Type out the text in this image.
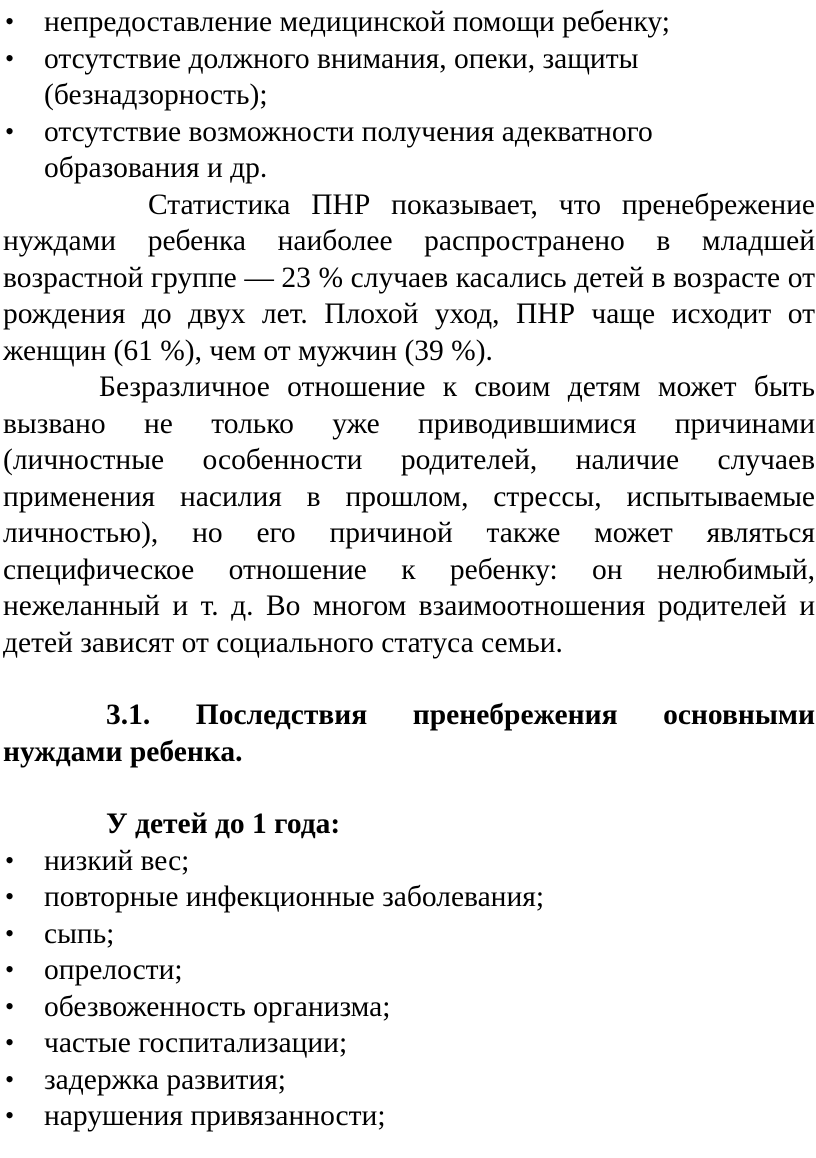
• непредоставление медицинской помощи ребенку;
• отсутствие должного внимания, опеки, защиты (безнадзорность);
• отсутствие возможности получения адекватного образования и др.

Статистика ПНР показывает, что пренебрежение нуждами ребенка наиболее распространено в младшей возрастной группе — 23 % случаев касались детей в возрасте от рождения до двух лет. Плохой уход, ПНР чаще исходит от женщин (61 %), чем от мужчин (39 %).

Безразличное отношение к своим детям может быть вызвано не только уже приводившимися причинами (личностные особенности родителей, наличие случаев применения насилия в прошлом, стрессы, испытываемые личностью), но его причиной также может являться специфическое отношение к ребенку: он нелюбимый, нежеланный и т. д. Во многом взаимоотношения родителей и детей зависят от социального статуса семьи.

3.1. Последствия пренебрежения основными нуждами ребенка.
У детей до 1 года:
• низкий вес;
• повторные инфекционные заболевания;
• сыпь;
• опрелости;
• обезвоженность организма;
• частые госпитализации;
• задержка развития;
• нарушения привязанности;
